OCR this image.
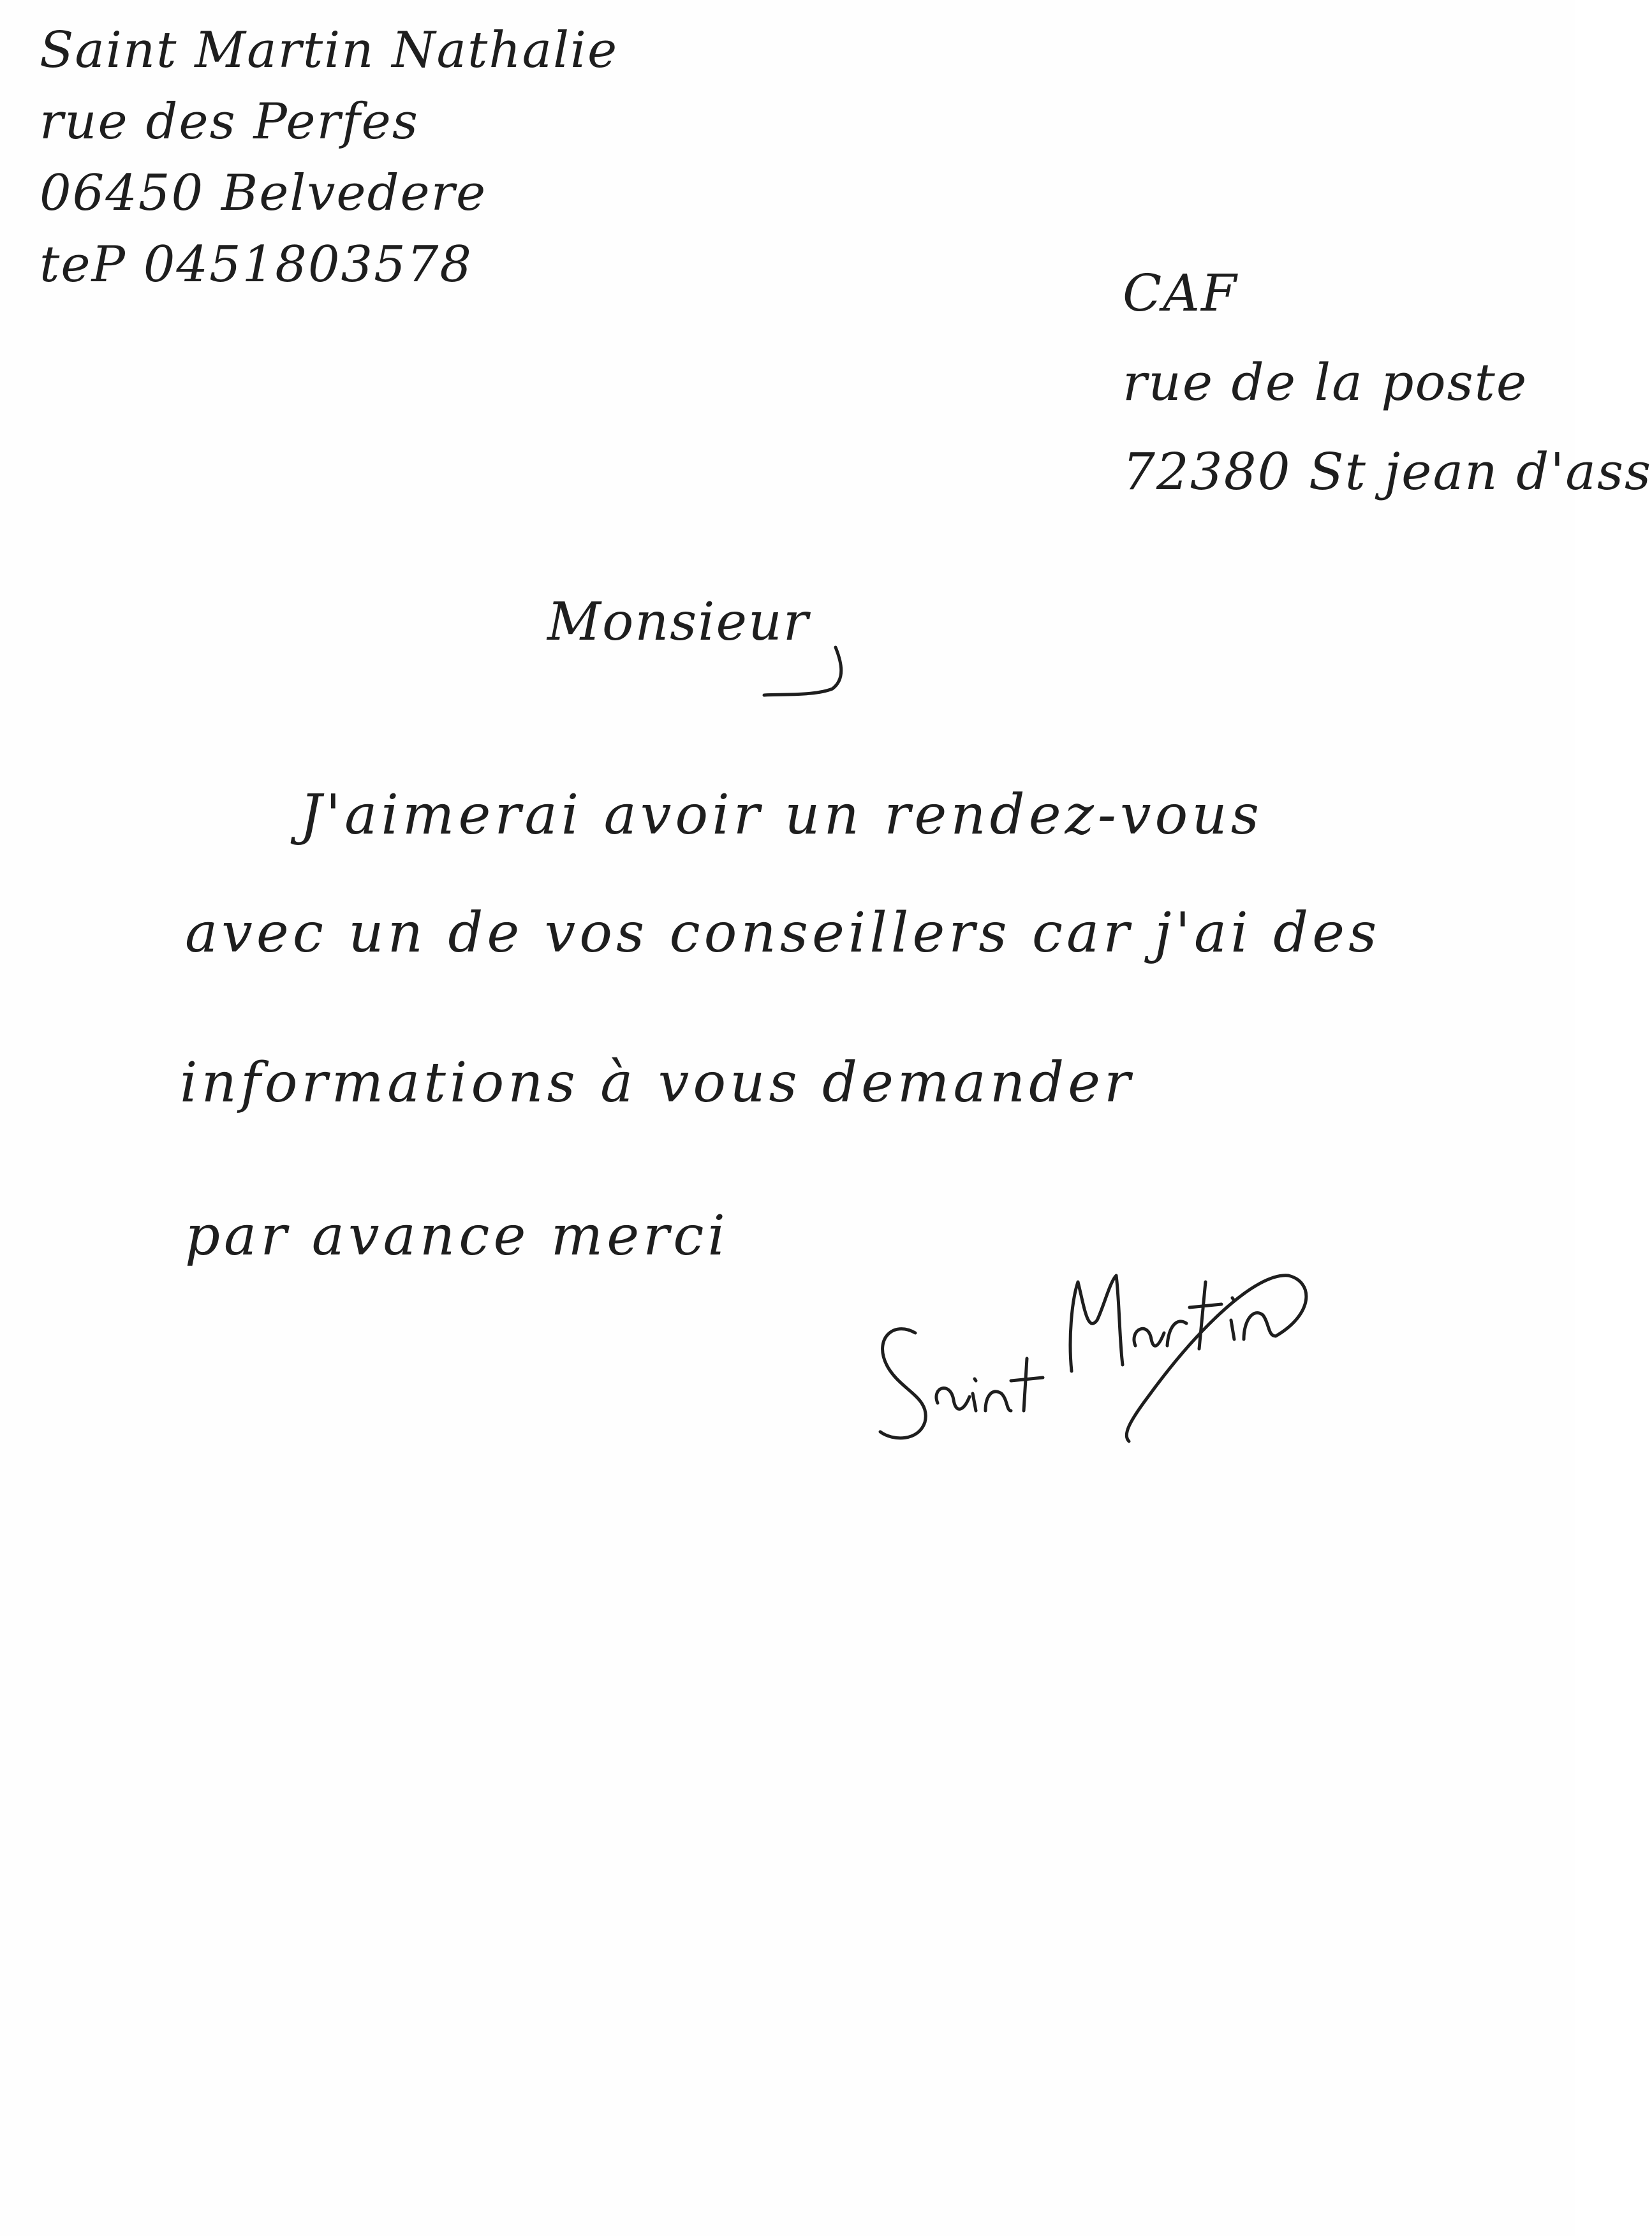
Saint Martin Nathalie
rue des Perfes
06450 Belvedere
teP 0451803578	CAF
rue de la poste
72380 St jean d'ass
Monsieur
J'aimerai avoir un rendez-vous
avec un de vos conseillers car j'ai des
informations à vous demander
par avance merci
